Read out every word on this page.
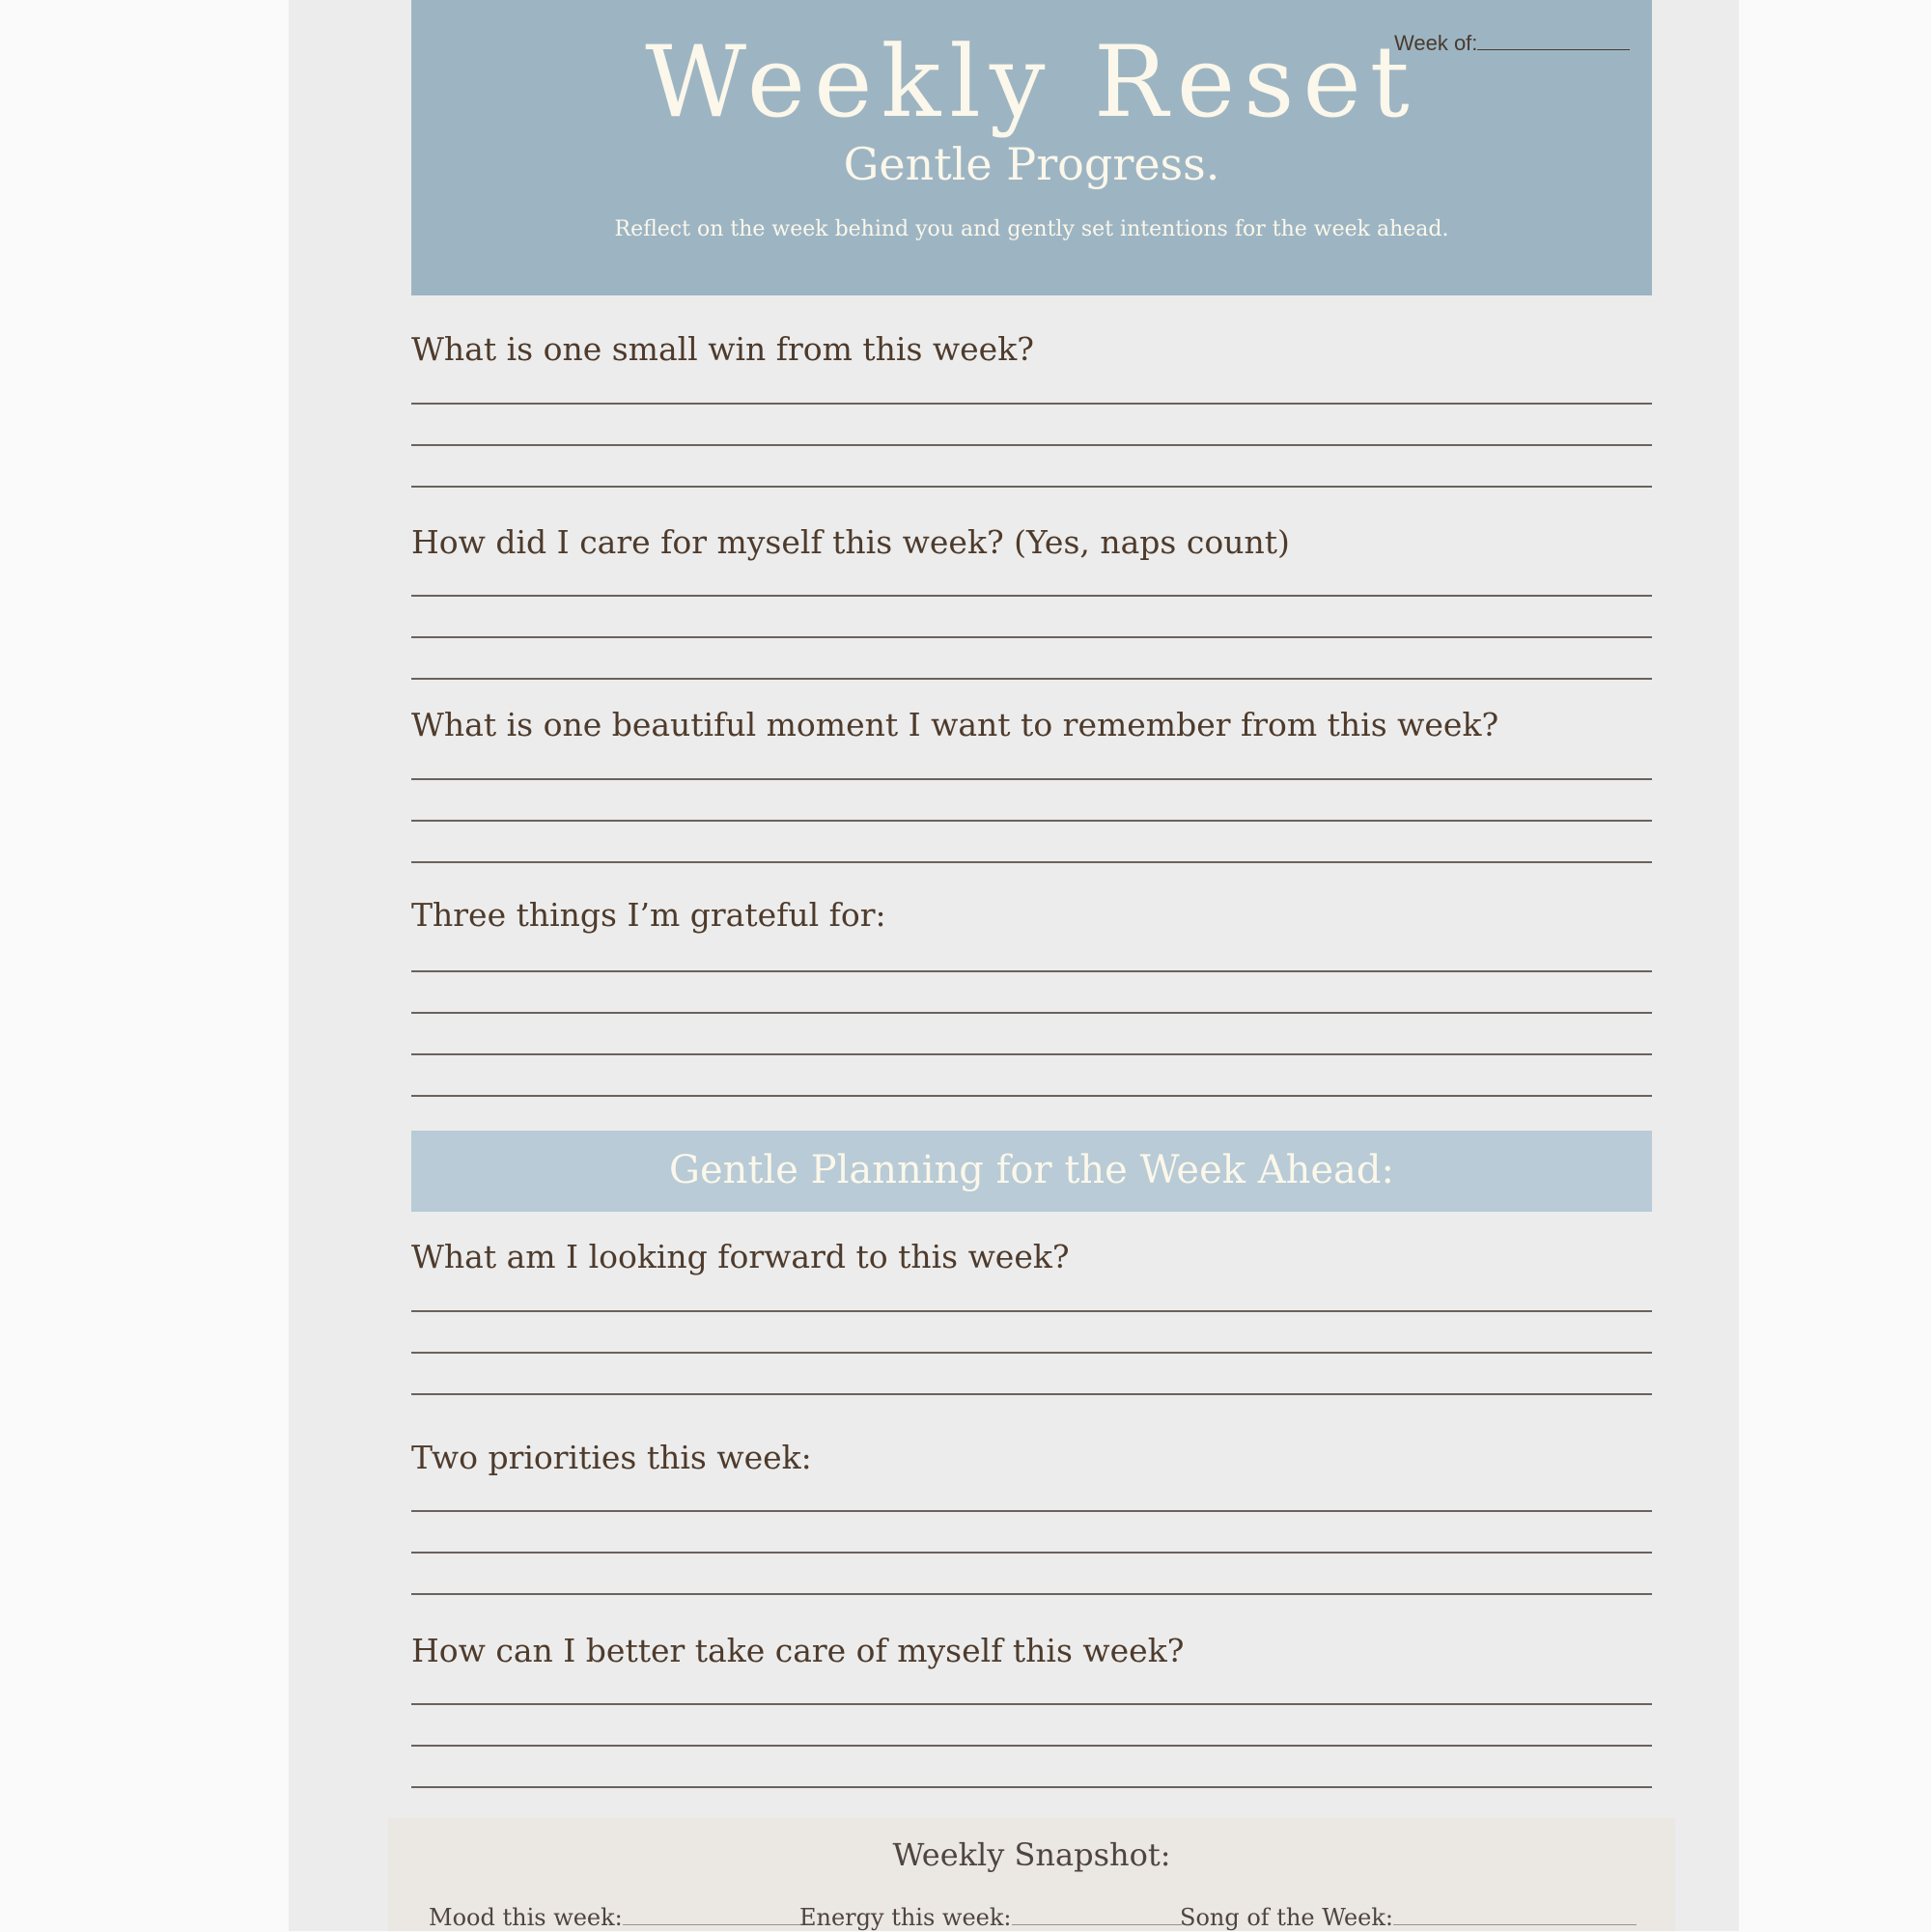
Weekly Reset
Gentle Progress.
Reflect on the week behind you and gently set intentions for the week ahead.
Week of:
What is one small win from this week?
How did I care for myself this week? (Yes, naps count)
What is one beautiful moment I want to remember from this week?
Three things I’m grateful for:
Gentle Planning for the Week Ahead:
What am I looking forward to this week?
Two priorities this week:
How can I better take care of myself this week?
Weekly Snapshot:
Mood this week:	Energy this week:	Song of the Week:
